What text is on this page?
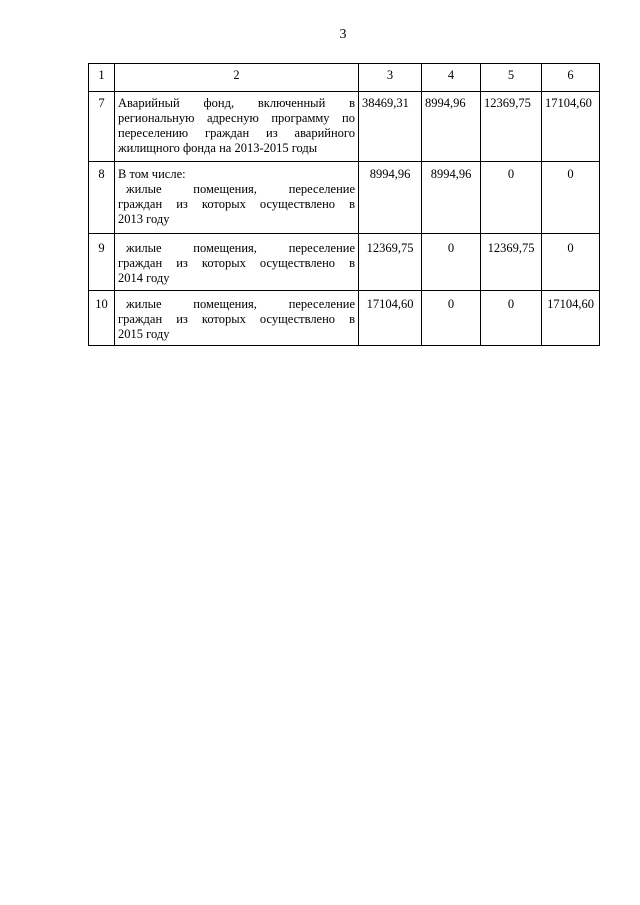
3
1	2	3	4	5	6
7	Аварийный фонд, включенный в
региональную адресную программу по
переселению граждан из аварийного
жилищного фонда на 2013-2015 годы	38469,31	8994,96	12369,75	17104,60
8	В том числе:
жилые помещения, переселение
граждан из которых осуществлено в
2013 году	8994,96	8994,96	0	0
9	жилые помещения, переселение
граждан из которых осуществлено в
2014 году	12369,75	0	12369,75	0
10	жилые помещения, переселение
граждан из которых осуществлено в
2015 году	17104,60	0	0	17104,60
